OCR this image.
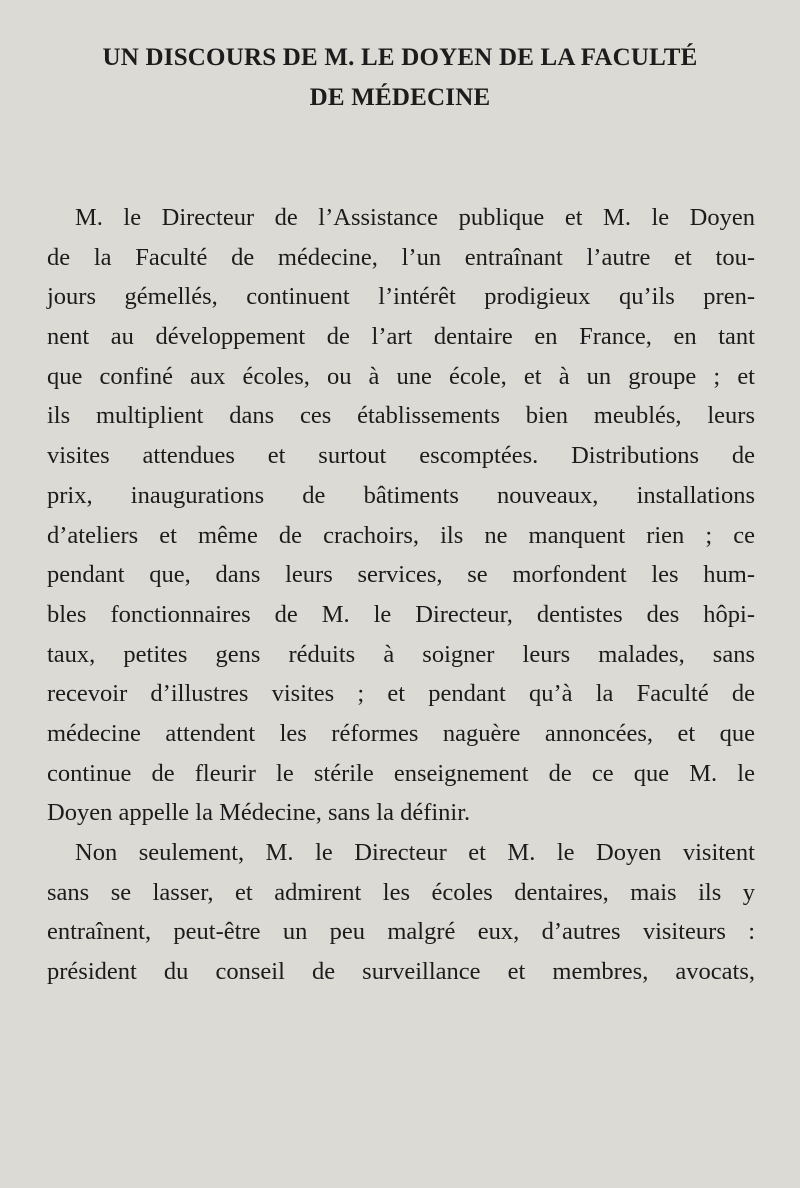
UN DISCOURS DE M. LE DOYEN DE LA FACULTÉ
DE MÉDECINE
M. le Directeur de l’Assistance publique et M. le Doyen
de la Faculté de médecine, l’un entraînant l’autre et tou-
jours gémellés, continuent l’intérêt prodigieux qu’ils pren-
nent au développement de l’art dentaire en France, en tant
que confiné aux écoles, ou à une école, et à un groupe ; et
ils multiplient dans ces établissements bien meublés, leurs
visites attendues et surtout escomptées. Distributions de
prix, inaugurations de bâtiments nouveaux, installations
d’ateliers et même de crachoirs, ils ne manquent rien ; ce
pendant que, dans leurs services, se morfondent les hum-
bles fonctionnaires de M. le Directeur, dentistes des hôpi-
taux, petites gens réduits à soigner leurs malades, sans
recevoir d’illustres visites ; et pendant qu’à la Faculté de
médecine attendent les réformes naguère annoncées, et que
continue de fleurir le stérile enseignement de ce que M. le
Doyen appelle la Médecine, sans la définir.
Non seulement, M. le Directeur et M. le Doyen visitent
sans se lasser, et admirent les écoles dentaires, mais ils y
entraînent, peut-être un peu malgré eux, d’autres visiteurs :
président du conseil de surveillance et membres, avocats,
